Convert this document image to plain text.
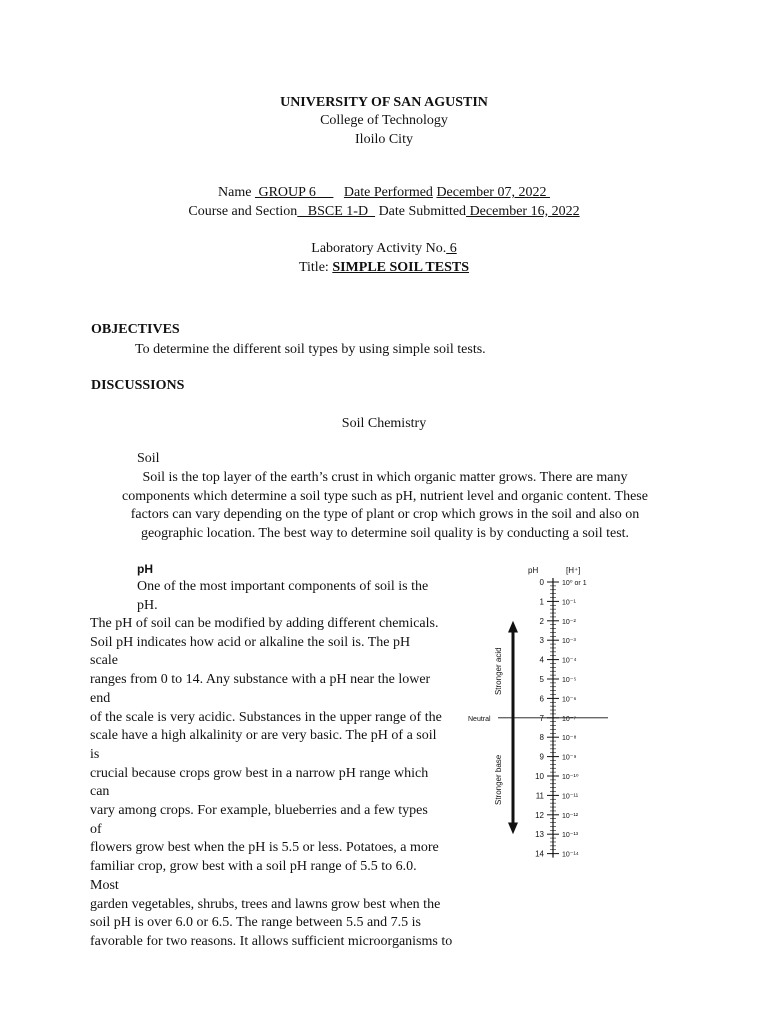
UNIVERSITY OF SAN AGUSTIN
College of Technology
Iloilo City
Name  GROUP 6        Date Performed December 07, 2022
Course and Section   BSCE 1-D   Date Submitted December 16, 2022
Laboratory Activity No. 6
Title: SIMPLE SOIL TESTS
OBJECTIVES
To determine the different soil types by using simple soil tests.
DISCUSSIONS
Soil Chemistry
Soil
Soil is the top layer of the earth’s crust in which organic matter grows. There are many
components which determine a soil type such as pH, nutrient level and organic content. These
factors can vary depending on the type of plant or crop which grows in the soil and also on
geographic location. The best way to determine soil quality is by conducting a soil test.
pH
One of the most important components of soil is the
pH.
The pH of soil can be modified by adding different chemicals.
Soil pH indicates how acid or alkaline the soil is. The pH
scale
ranges from 0 to 14. Any substance with a pH near the lower
end
of the scale is very acidic. Substances in the upper range of the
scale have a high alkalinity or are very basic. The pH of a soil
is
crucial because crops grow best in a narrow pH range which
can
vary among crops. For example, blueberries and a few types
of
flowers grow best when the pH is 5.5 or less. Potatoes, a more
familiar crop, grow best with a soil pH range of 5.5 to 6.0.
Most
garden vegetables, shrubs, trees and lawns grow best when the
soil pH is over 6.0 or 6.5. The range between 5.5 and 7.5 is
favorable for two reasons. It allows sufficient microorganisms to
pH	[H⁺]
0	10⁰ or 1
1	10⁻¹
2	10⁻²
3	10⁻³
4	10⁻⁴
5	10⁻⁵
6	10⁻⁶
7	10⁻⁷
8	10⁻⁸
9	10⁻⁹
10	10⁻¹⁰
11	10⁻¹¹
12	10⁻¹²
13	10⁻¹³
14	10⁻¹⁴
Neutral
Stronger acid
Stronger base
